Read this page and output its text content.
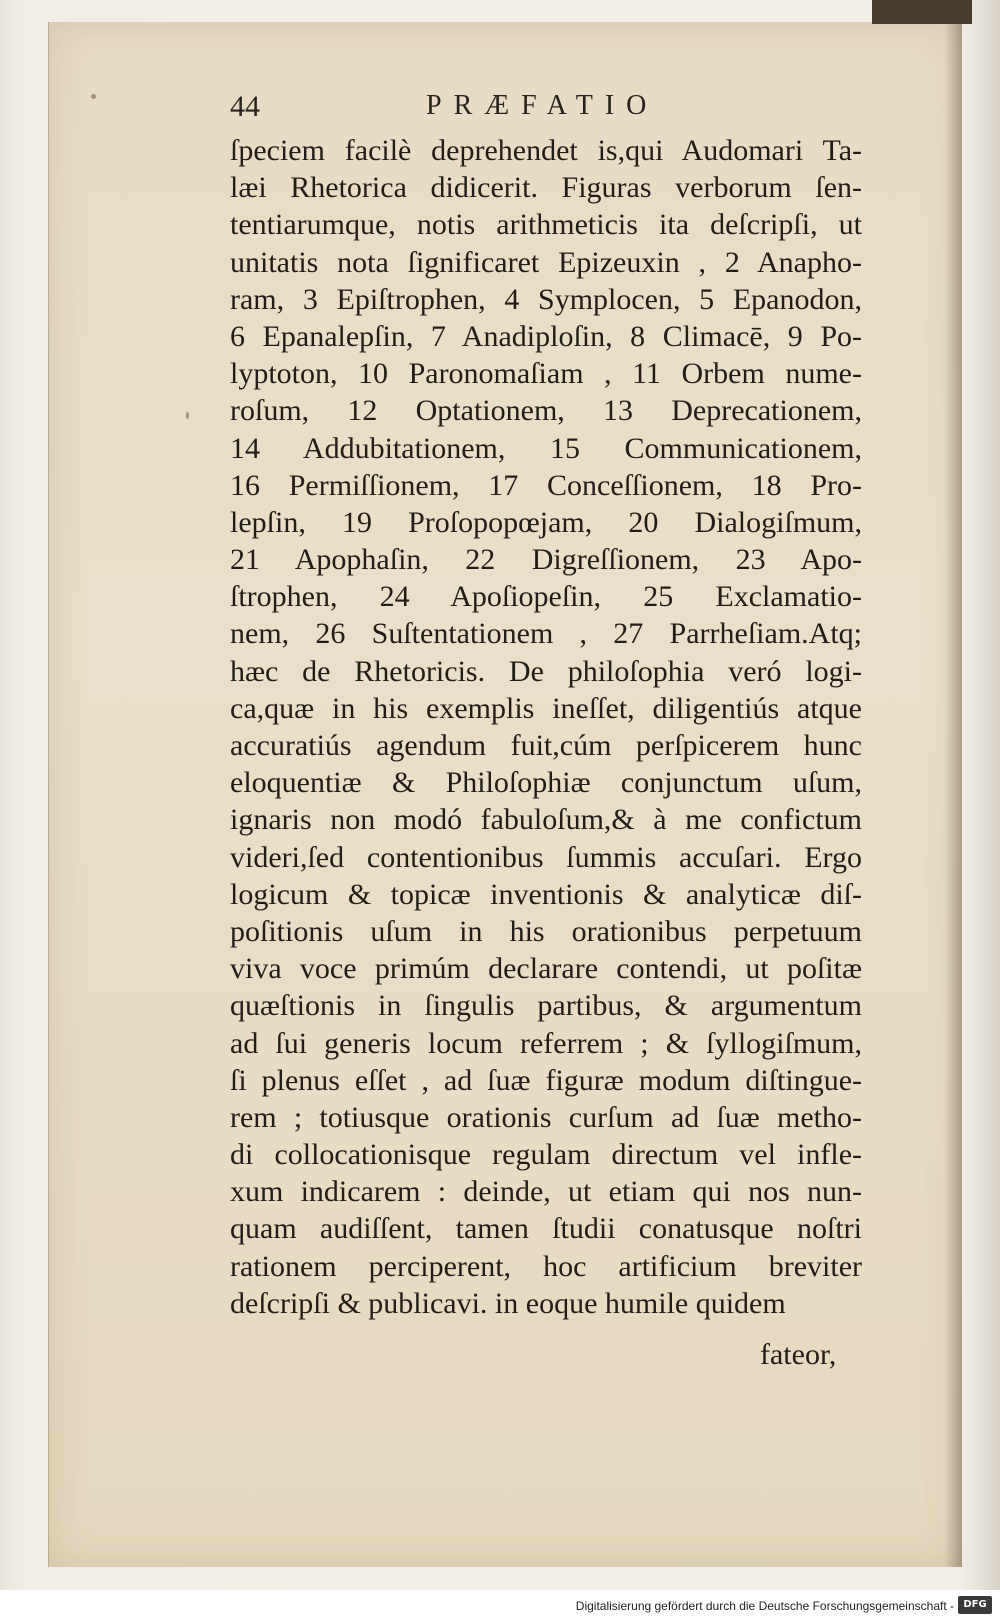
44	PRÆFATIO
ſpeciem facilè deprehendet is,qui Audomari Ta-
læi Rhetorica didicerit. Figuras verborum ſen-
tentiarumque, notis arithmeticis ita deſcripſi, ut
unitatis nota ſignificaret Epizeuxin , 2 Anapho-
ram, 3 Epiſtrophen, 4 Symplocen, 5 Epanodon,
6 Epanalepſin, 7 Anadiploſin, 8 Climacē, 9 Po-
lyptoton, 10 Paronomaſiam , 11 Orbem nume-
roſum, 12 Optationem, 13 Deprecationem,
14 Addubitationem, 15 Communicationem,
16 Permiſſionem, 17 Conceſſionem, 18 Pro-
lepſin, 19 Proſopopœjam, 20 Dialogiſmum,
21 Apophaſin, 22 Digreſſionem, 23 Apo-
ſtrophen, 24 Apoſiopeſin, 25 Exclamatio-
nem, 26 Suſtentationem , 27 Parrheſiam.Atq;
hæc de Rhetoricis. De philoſophia veró logi-
ca,quæ in his exemplis ineſſet, diligentiús atque
accuratiús agendum fuit,cúm perſpicerem hunc
eloquentiæ & Philoſophiæ conjunctum uſum,
ignaris non modó fabuloſum,& à me confictum
videri,ſed contentionibus ſummis accuſari. Ergo
logicum & topicæ inventionis & analyticæ diſ-
poſitionis uſum in his orationibus perpetuum
viva voce primúm declarare contendi, ut poſitæ
quæſtionis in ſingulis partibus, & argumentum
ad ſui generis locum referrem ; & ſyllogiſmum,
ſi plenus eſſet , ad ſuæ figuræ modum diſtingue-
rem ; totiusque orationis curſum ad ſuæ metho-
di collocationisque regulam directum vel infle-
xum indicarem : deinde, ut etiam qui nos nun-
quam audiſſent, tamen ſtudii conatusque noſtri
rationem perciperent, hoc artificium breviter
deſcripſi & publicavi. in eoque humile quidem
fateor,
Digitalisierung gefördert durch die Deutsche Forschungsgemeinschaft - DFG
